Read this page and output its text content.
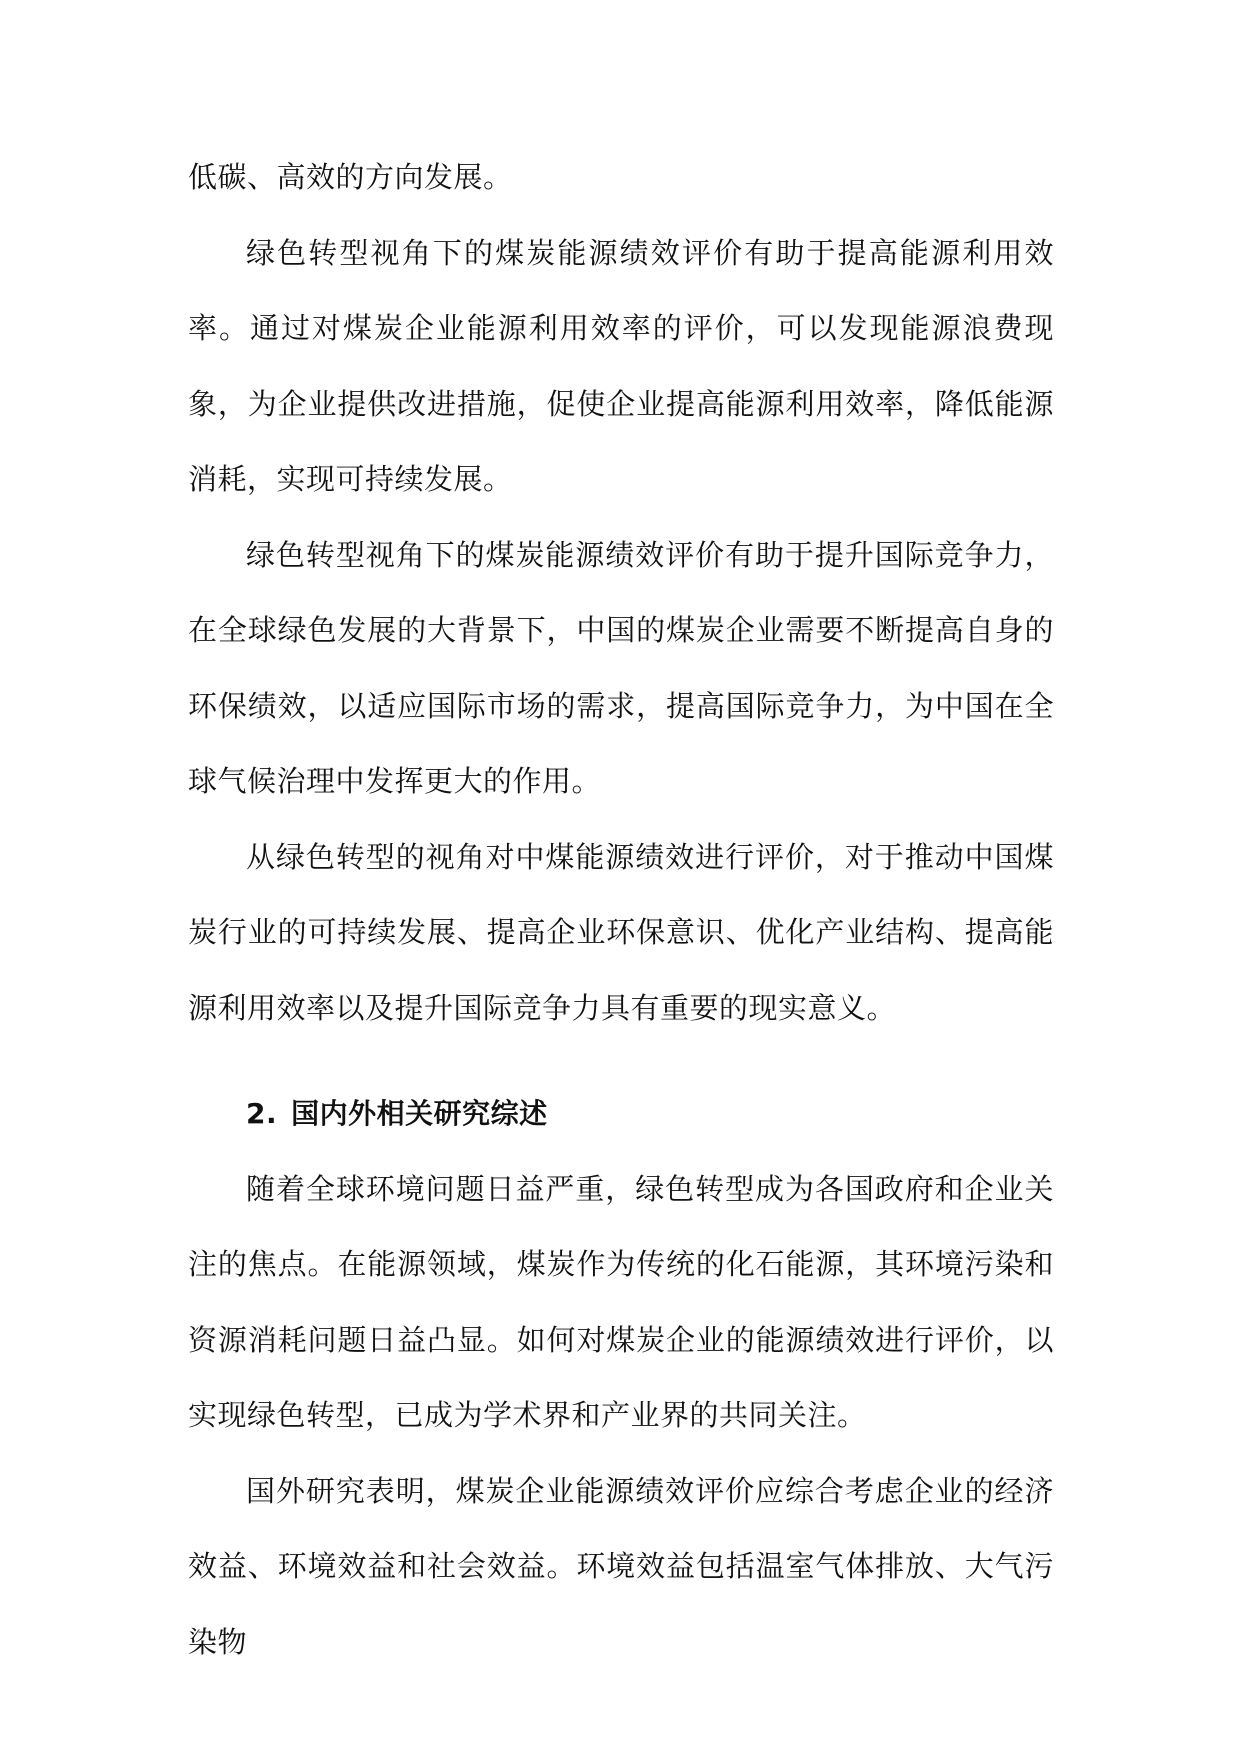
低碳、高效的方向发展。

绿色转型视角下的煤炭能源绩效评价有助于提高能源利用效率。通过对煤炭企业能源利用效率的评价，可以发现能源浪费现象，为企业提供改进措施，促使企业提高能源利用效率，降低能源消耗，实现可持续发展。

绿色转型视角下的煤炭能源绩效评价有助于提升国际竞争力，在全球绿色发展的大背景下，中国的煤炭企业需要不断提高自身的环保绩效，以适应国际市场的需求，提高国际竞争力，为中国在全球气候治理中发挥更大的作用。

从绿色转型的视角对中煤能源绩效进行评价，对于推动中国煤炭行业的可持续发展、提高企业环保意识、优化产业结构、提高能源利用效率以及提升国际竞争力具有重要的现实意义。

2. 国内外相关研究综述

随着全球环境问题日益严重，绿色转型成为各国政府和企业关注的焦点。在能源领域，煤炭作为传统的化石能源，其环境污染和资源消耗问题日益凸显。如何对煤炭企业的能源绩效进行评价，以实现绿色转型，已成为学术界和产业界的共同关注。

国外研究表明，煤炭企业能源绩效评价应综合考虑企业的经济效益、环境效益和社会效益。环境效益包括温室气体排放、大气污染物
